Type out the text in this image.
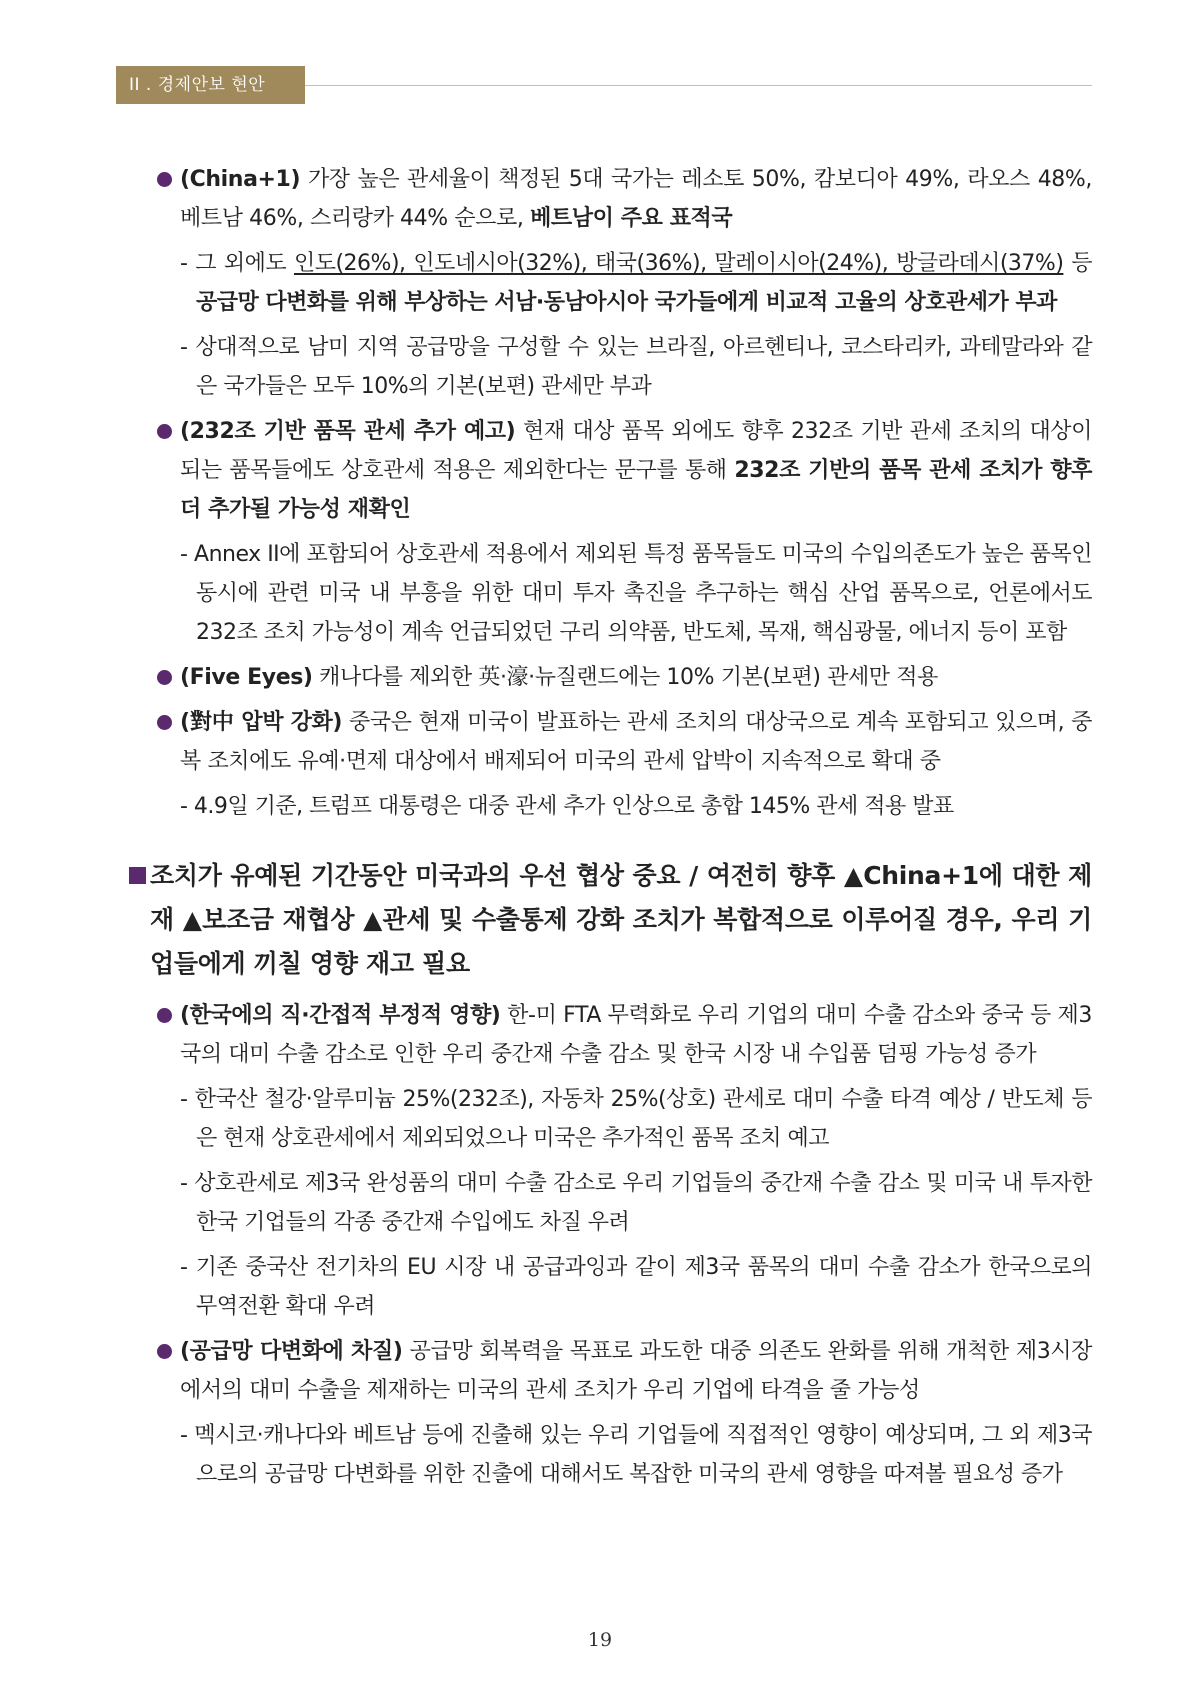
II . 경제안보 현안
(China+1) 가장 높은 관세율이 책정된 5대 국가는 레소토 50%, 캄보디아 49%, 라오스 48%, 베트남 46%, 스리랑카 44% 순으로, 베트남이 주요 표적국
- 그 외에도 인도(26%), 인도네시아(32%), 태국(36%), 말레이시아(24%), 방글라데시(37%) 등 공급망 다변화를 위해 부상하는 서남·동남아시아 국가들에게 비교적 고율의 상호관세가 부과
- 상대적으로 남미 지역 공급망을 구성할 수 있는 브라질, 아르헨티나, 코스타리카, 과테말라와 같은 국가들은 모두 10%의 기본(보편) 관세만 부과
(232조 기반 품목 관세 추가 예고) 현재 대상 품목 외에도 향후 232조 기반 관세 조치의 대상이 되는 품목들에도 상호관세 적용은 제외한다는 문구를 통해 232조 기반의 품목 관세 조치가 향후 더 추가될 가능성 재확인
- Annex II에 포함되어 상호관세 적용에서 제외된 특정 품목들도 미국의 수입의존도가 높은 품목인 동시에 관련 미국 내 부흥을 위한 대미 투자 촉진을 추구하는 핵심 산업 품목으로, 언론에서도 232조 조치 가능성이 계속 언급되었던 구리 의약품, 반도체, 목재, 핵심광물, 에너지 등이 포함
(Five Eyes) 캐나다를 제외한 英·濠·뉴질랜드에는 10% 기본(보편) 관세만 적용
(對中 압박 강화) 중국은 현재 미국이 발표하는 관세 조치의 대상국으로 계속 포함되고 있으며, 중복 조치에도 유예·면제 대상에서 배제되어 미국의 관세 압박이 지속적으로 확대 중
- 4.9일 기준, 트럼프 대통령은 대중 관세 추가 인상으로 총합 145% 관세 적용 발표
조치가 유예된 기간동안 미국과의 우선 협상 중요 / 여전히 향후 ▲China+1에 대한 제재 ▲보조금 재협상 ▲관세 및 수출통제 강화 조치가 복합적으로 이루어질 경우, 우리 기업들에게 끼칠 영향 재고 필요
(한국에의 직·간접적 부정적 영향) 한-미 FTA 무력화로 우리 기업의 대미 수출 감소와 중국 등 제3국의 대미 수출 감소로 인한 우리 중간재 수출 감소 및 한국 시장 내 수입품 덤핑 가능성 증가
- 한국산 철강·알루미늄 25%(232조), 자동차 25%(상호) 관세로 대미 수출 타격 예상 / 반도체 등은 현재 상호관세에서 제외되었으나 미국은 추가적인 품목 조치 예고
- 상호관세로 제3국 완성품의 대미 수출 감소로 우리 기업들의 중간재 수출 감소 및 미국 내 투자한 한국 기업들의 각종 중간재 수입에도 차질 우려
- 기존 중국산 전기차의 EU 시장 내 공급과잉과 같이 제3국 품목의 대미 수출 감소가 한국으로의 무역전환 확대 우려
(공급망 다변화에 차질) 공급망 회복력을 목표로 과도한 대중 의존도 완화를 위해 개척한 제3시장에서의 대미 수출을 제재하는 미국의 관세 조치가 우리 기업에 타격을 줄 가능성
- 멕시코·캐나다와 베트남 등에 진출해 있는 우리 기업들에 직접적인 영향이 예상되며, 그 외 제3국으로의 공급망 다변화를 위한 진출에 대해서도 복잡한 미국의 관세 영향을 따져볼 필요성 증가
19
